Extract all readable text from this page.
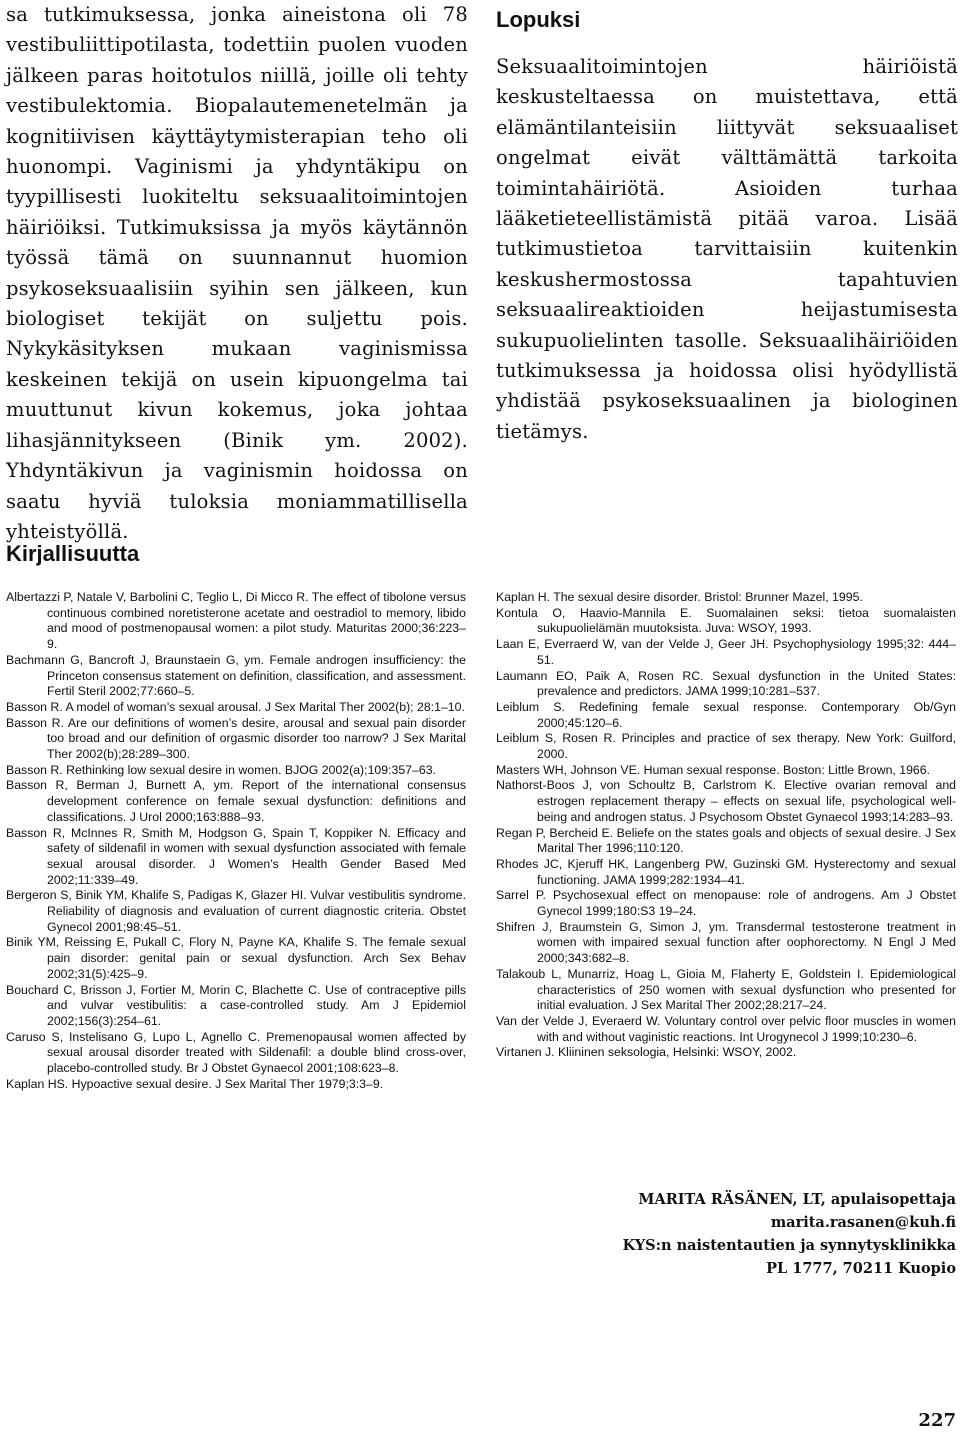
sa tutkimuksessa, jonka aineistona oli 78 vestibuliittipotilasta, todettiin puolen vuoden jälkeen paras hoitotulos niillä, joille oli tehty vestibulektomia. Biopalautemenetelmän ja kognitiivisen käyttäytymisterapian teho oli huonompi. Vaginismi ja yhdyntäkipu on tyypillisesti luokiteltu seksuaalitoimintojen häiriöiksi. Tutkimuksissa ja myös käytännön työssä tämä on suunnannut huomion psykoseksuaalisiin syihin sen jälkeen, kun biologiset tekijät on suljettu pois. Nykykäsityksen mukaan vaginismissa keskeinen tekijä on usein kipuongelma tai muuttunut kivun kokemus, joka johtaa lihasjännitykseen (Binik ym. 2002). Yhdyntäkivun ja vaginismin hoidossa on saatu hyviä tuloksia moniammatillisella yhteistyöllä.

Lopuksi

Seksuaalitoimintojen häiriöistä keskusteltaessa on muistettava, että elämäntilanteisiin liittyvät seksuaaliset ongelmat eivät välttämättä tarkoita toimintahäiriötä. Asioiden turhaa lääketieteellistämistä pitää varoa. Lisää tutkimustietoa tarvittaisiin kuitenkin keskushermostossa tapahtuvien seksuaalireaktioiden heijastumisesta sukupuolielinten tasolle. Seksuaalihäiriöiden tutkimuksessa ja hoidossa olisi hyödyllistä yhdistää psykoseksuaalinen ja biologinen tietämys.

Kirjallisuutta

Albertazzi P, Natale V, Barbolini C, Teglio L, Di Micco R. The effect of tibolone versus continuous combined noretisterone acetate and oestradiol to memory, libido and mood of postmenopausal women: a pilot study. Maturitas 2000;36:223–9.

Bachmann G, Bancroft J, Braunstaein G, ym. Female androgen insufficiency: the Princeton consensus statement on definition, classification, and assessment. Fertil Steril 2002;77:660–5.

Basson R. A model of woman’s sexual arousal. J Sex Marital Ther 2002(b); 28:1–10.

Basson R. Are our definitions of women’s desire, arousal and sexual pain disorder too broad and our definition of orgasmic disorder too narrow? J Sex Marital Ther 2002(b);28:289–300.

Basson R. Rethinking low sexual desire in women. BJOG 2002(a);109:357–63.

Basson R, Berman J, Burnett A, ym. Report of the international consensus development conference on female sexual dysfunction: definitions and classifications. J Urol 2000;163:888–93.

Basson R, McInnes R, Smith M, Hodgson G, Spain T, Koppiker N. Efficacy and safety of sildenafil in women with sexual dysfunction associated with female sexual arousal disorder. J Women’s Health Gender Based Med 2002;11:339–49.

Bergeron S, Binik YM, Khalife S, Padigas K, Glazer HI. Vulvar vestibulitis syndrome. Reliability of diagnosis and evaluation of current diagnostic criteria. Obstet Gynecol 2001;98:45–51.

Binik YM, Reissing E, Pukall C, Flory N, Payne KA, Khalife S. The female sexual pain disorder: genital pain or sexual dysfunction. Arch Sex Behav 2002;31(5):425–9.

Bouchard C, Brisson J, Fortier M, Morin C, Blachette C. Use of contraceptive pills and vulvar vestibulitis: a case-controlled study. Am J Epidemiol 2002;156(3):254–61.

Caruso S, Instelisano G, Lupo L, Agnello C. Premenopausal women affected by sexual arousal disorder treated with Sildenafil: a double blind cross-over, placebo-controlled study. Br J Obstet Gynaecol 2001;108:623–8.

Kaplan HS. Hypoactive sexual desire. J Sex Marital Ther 1979;3:3–9.

Kaplan H. The sexual desire disorder. Bristol: Brunner Mazel, 1995.

Kontula O, Haavio-Mannila E. Suomalainen seksi: tietoa suomalaisten sukupuolielämän muutoksista. Juva: WSOY, 1993.

Laan E, Everraerd W, van der Velde J, Geer JH. Psychophysiology 1995;32: 444–51.

Laumann EO, Paik A, Rosen RC. Sexual dysfunction in the United States: prevalence and predictors. JAMA 1999;10:281–537.

Leiblum S. Redefining female sexual response. Contemporary Ob/Gyn 2000;45:120–6.

Leiblum S, Rosen R. Principles and practice of sex therapy. New York: Guilford, 2000.

Masters WH, Johnson VE. Human sexual response. Boston: Little Brown, 1966.

Nathorst-Boos J, von Schoultz B, Carlstrom K. Elective ovarian removal and estrogen replacement therapy – effects on sexual life, psychological well-being and androgen status. J Psychosom Obstet Gynaecol 1993;14:283–93.

Regan P, Bercheid E. Beliefe on the states goals and objects of sexual desire. J Sex Marital Ther 1996;110:120.

Rhodes JC, Kjeruff HK, Langenberg PW, Guzinski GM. Hysterectomy and sexual functioning. JAMA 1999;282:1934–41.

Sarrel P. Psychosexual effect on menopause: role of androgens. Am J Obstet Gynecol 1999;180:S3 19–24.

Shifren J, Braumstein G, Simon J, ym. Transdermal testosterone treatment in women with impaired sexual function after oophorectomy. N Engl J Med 2000;343:682–8.

Talakoub L, Munarriz, Hoag L, Gioia M, Flaherty E, Goldstein I. Epidemiological characteristics of 250 women with sexual dysfunction who presented for initial evaluation. J Sex Marital Ther 2002;28:217–24.

Van der Velde J, Everaerd W. Voluntary control over pelvic floor muscles in women with and without vaginistic reactions. Int Urogynecol J 1999;10:230–6.

Virtanen J. Kliininen seksologia, Helsinki: WSOY, 2002.

MARITA RÄSÄNEN, LT, apulaisopettaja
marita.rasanen@kuh.fi
KYS:n naistentautien ja synnytysklinikka
PL 1777, 70211 Kuopio
227
